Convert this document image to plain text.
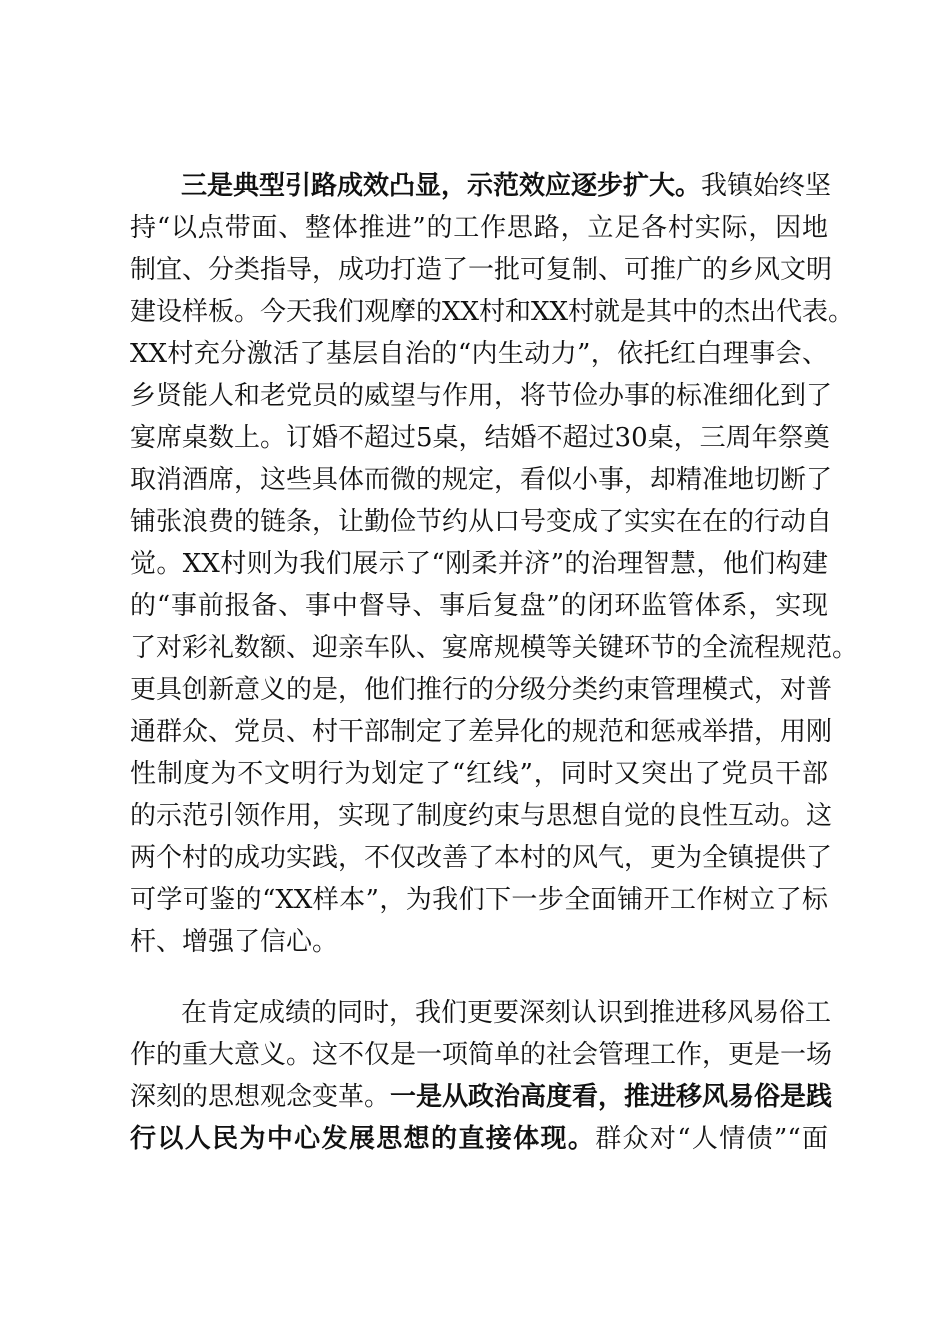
三是典型引路成效凸显，示范效应逐步扩大。我镇始终坚
持“以点带面、整体推进”的工作思路，立足各村实际，因地
制宜、分类指导，成功打造了一批可复制、可推广的乡风文明
建设样板。今天我们观摩的XX村和XX村就是其中的杰出代表。
XX村充分激活了基层自治的“内生动力”，依托红白理事会、
乡贤能人和老党员的威望与作用，将节俭办事的标准细化到了
宴席桌数上。订婚不超过5桌，结婚不超过30桌，三周年祭奠
取消酒席，这些具体而微的规定，看似小事，却精准地切断了
铺张浪费的链条，让勤俭节约从口号变成了实实在在的行动自
觉。XX村则为我们展示了“刚柔并济”的治理智慧，他们构建
的“事前报备、事中督导、事后复盘”的闭环监管体系，实现
了对彩礼数额、迎亲车队、宴席规模等关键环节的全流程规范。
更具创新意义的是，他们推行的分级分类约束管理模式，对普
通群众、党员、村干部制定了差异化的规范和惩戒举措，用刚
性制度为不文明行为划定了“红线”，同时又突出了党员干部
的示范引领作用，实现了制度约束与思想自觉的良性互动。这
两个村的成功实践，不仅改善了本村的风气，更为全镇提供了
可学可鉴的“XX样本”，为我们下一步全面铺开工作树立了标
杆、增强了信心。
在肯定成绩的同时，我们更要深刻认识到推进移风易俗工
作的重大意义。这不仅是一项简单的社会管理工作，更是一场
深刻的思想观念变革。一是从政治高度看，推进移风易俗是践
行以人民为中心发展思想的直接体现。群众对“人情债”“面
